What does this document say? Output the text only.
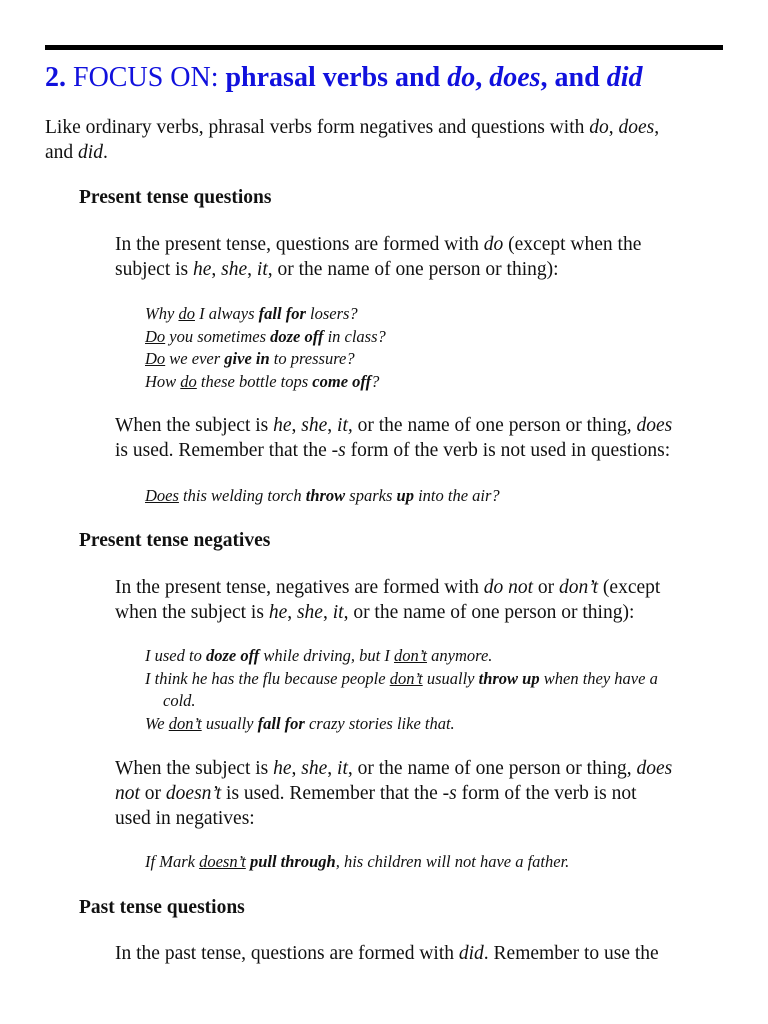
2. FOCUS ON: phrasal verbs and do, does, and did

Like ordinary verbs, phrasal verbs form negatives and questions with do, does,
and did.

Present tense questions

In the present tense, questions are formed with do (except when the
subject is he, she, it, or the name of one person or thing):

Why do I always fall for losers?
Do you sometimes doze off in class?
Do we ever give in to pressure?
How do these bottle tops come off?

When the subject is he, she, it, or the name of one person or thing, does
is used. Remember that the -s form of the verb is not used in questions:

Does this welding torch throw sparks up into the air?
Present tense negatives

In the present tense, negatives are formed with do not or don’t (except
when the subject is he, she, it, or the name of one person or thing):

I used to doze off while driving, but I don’t anymore.
I think he has the flu because people don’t usually throw up when they have a
cold.
We don’t usually fall for crazy stories like that.

When the subject is he, she, it, or the name of one person or thing, does
not or doesn’t is used. Remember that the -s form of the verb is not
used in negatives:

If Mark doesn’t pull through, his children will not have a father.
Past tense questions

In the past tense, questions are formed with did. Remember to use the
